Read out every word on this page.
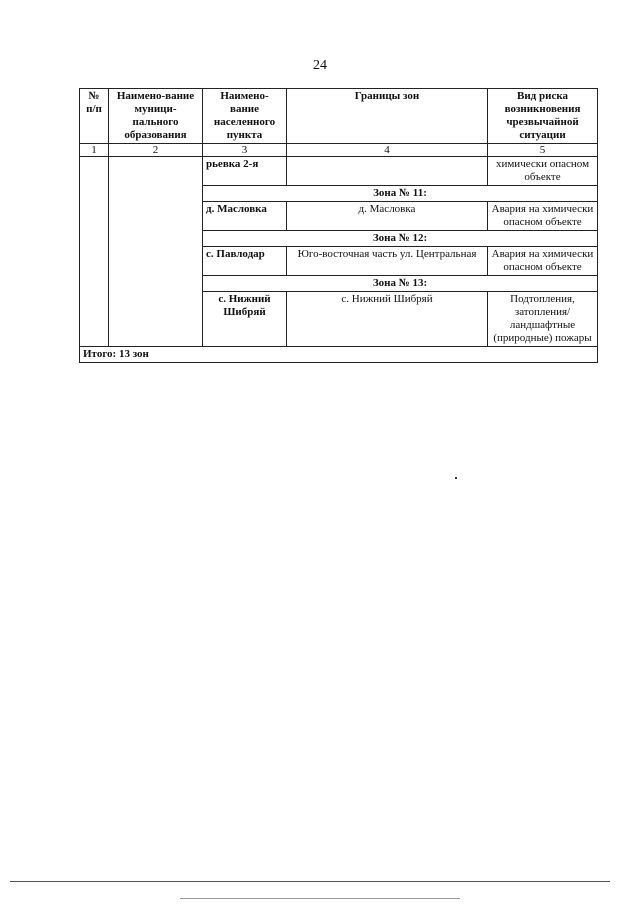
24
№ п/п	Наимено-вание муници-пального образования	Наимено-вание населенного пункта	Границы зон	Вид риска возникновения чрезвычайной ситуации
1	2	3	4	5
		рьевка 2-я		химически опасном объекте
		Зона № 11:		
		д. Масловка	д. Масловка	Авария на химически опасном объекте
		Зона № 12:		
		с. Павлодар	Юго-восточная часть ул. Центральная	Авария на химически опасном объекте
		Зона № 13:		
		с. Нижний Шибряй	с. Нижний Шибряй	Подтопления, затопления/ ландшафтные (природные) пожары
Итого: 13 зон				
